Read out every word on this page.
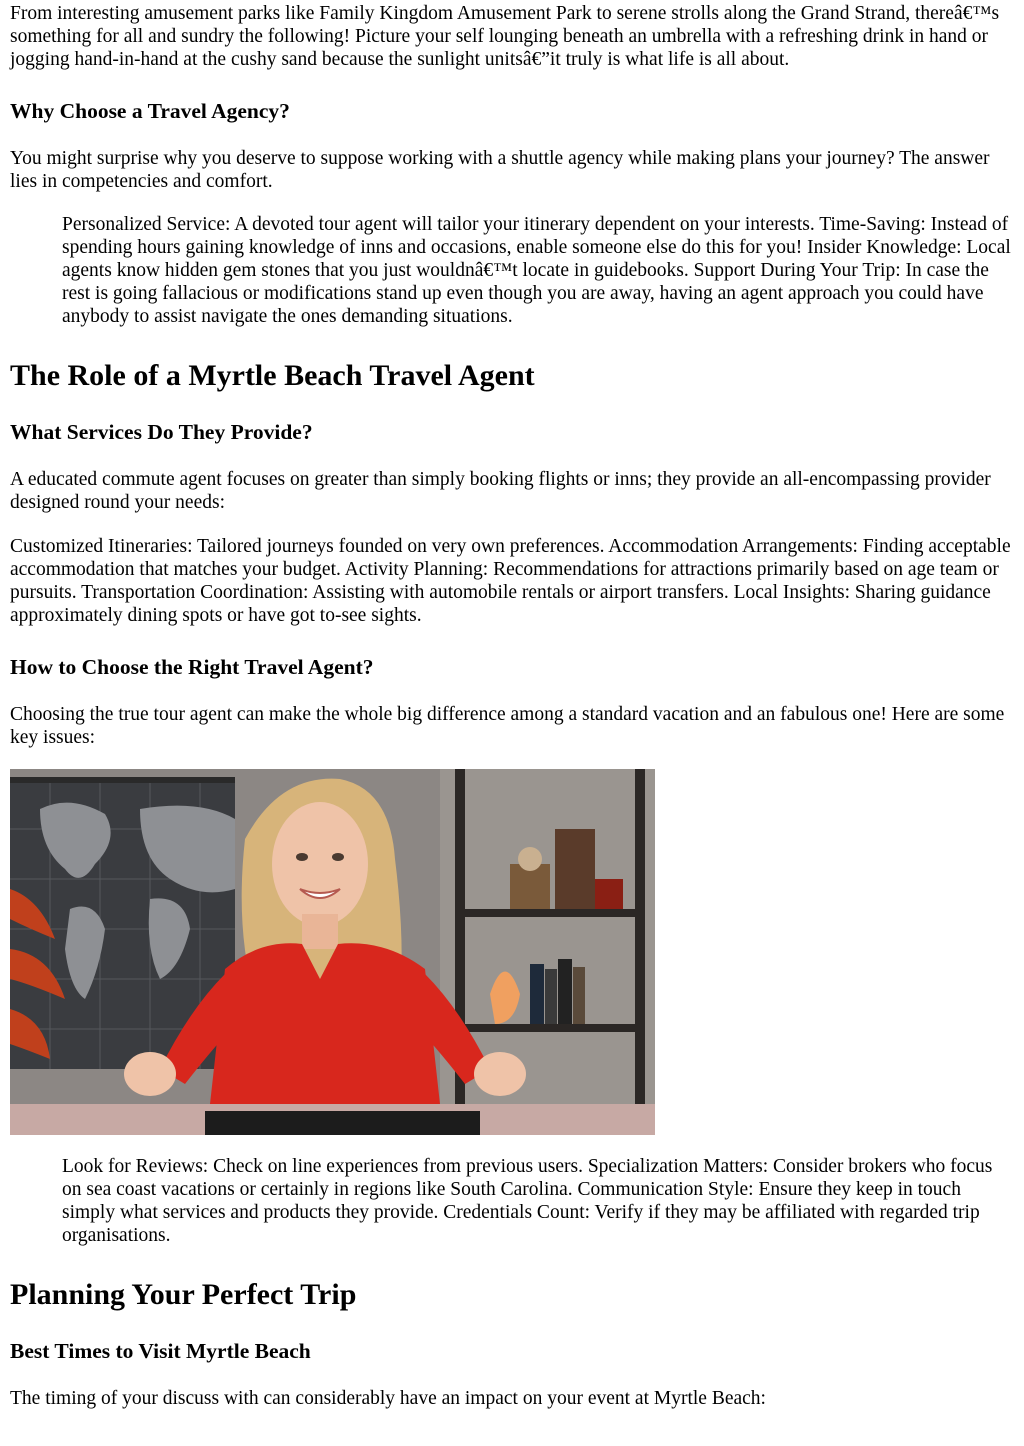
From interesting amusement parks like Family Kingdom Amusement Park to serene strolls along the Grand Strand, thereâ€™s something for all and sundry the following! Picture your self lounging beneath an umbrella with a refreshing drink in hand or jogging hand-in-hand at the cushy sand because the sunlight unitsâ€”it truly is what life is all about.

Why Choose a Travel Agency?

You might surprise why you deserve to suppose working with a shuttle agency while making plans your journey? The answer lies in competencies and comfort.

Personalized Service: A devoted tour agent will tailor your itinerary dependent on your interests. Time-Saving: Instead of spending hours gaining knowledge of inns and occasions, enable someone else do this for you! Insider Knowledge: Local agents know hidden gem stones that you just wouldnâ€™t locate in guidebooks. Support During Your Trip: In case the rest is going fallacious or modifications stand up even though you are away, having an agent approach you could have anybody to assist navigate the ones demanding situations.

The Role of a Myrtle Beach Travel Agent
What Services Do They Provide?

A educated commute agent focuses on greater than simply booking flights or inns; they provide an all-encompassing provider designed round your needs:

Customized Itineraries: Tailored journeys founded on very own preferences. Accommodation Arrangements: Finding acceptable accommodation that matches your budget. Activity Planning: Recommendations for attractions primarily based on age team or pursuits. Transportation Coordination: Assisting with automobile rentals or airport transfers. Local Insights: Sharing guidance approximately dining spots or have got to-see sights.

How to Choose the Right Travel Agent?

Choosing the true tour agent can make the whole big difference among a standard vacation and an fabulous one! Here are some key issues:

Look for Reviews: Check on line experiences from previous users. Specialization Matters: Consider brokers who focus on sea coast vacations or certainly in regions like South Carolina. Communication Style: Ensure they keep in touch simply what services and products they provide. Credentials Count: Verify if they may be affiliated with regarded trip organisations.

Planning Your Perfect Trip
Best Times to Visit Myrtle Beach

The timing of your discuss with can considerably have an impact on your event at Myrtle Beach:
